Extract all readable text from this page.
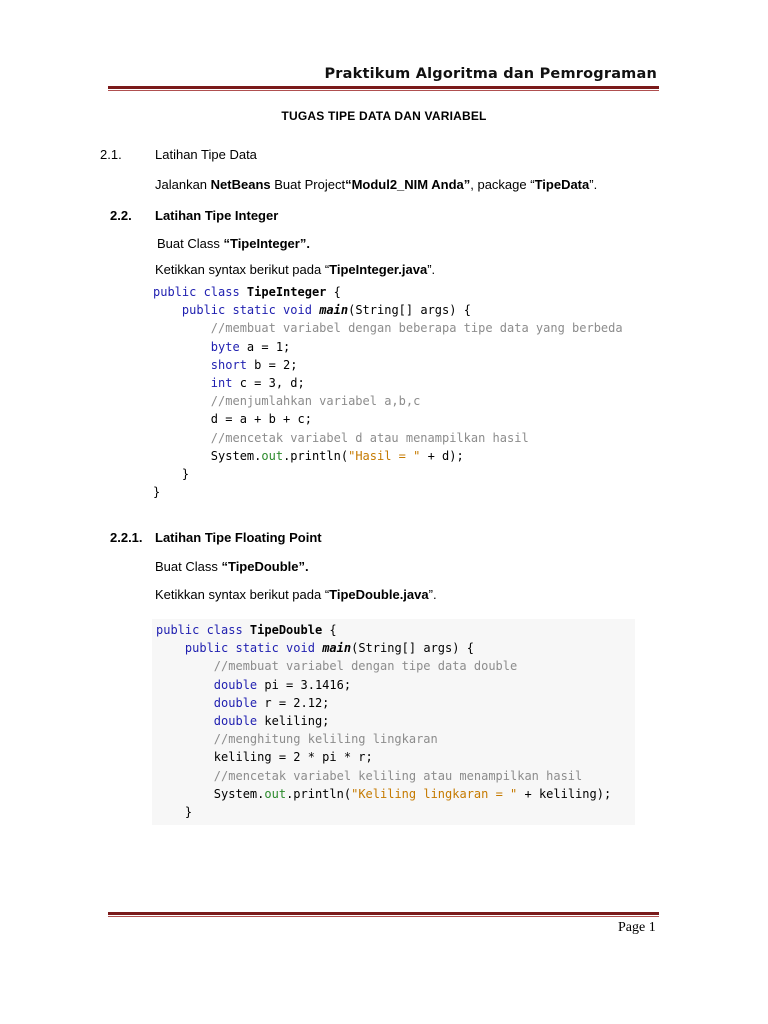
Praktikum Algoritma dan Pemrograman
TUGAS TIPE DATA DAN VARIABEL
2.1.	Latihan Tipe Data
Jalankan NetBeans Buat Project“Modul2_NIM Anda”, package “TipeData”.
2.2. Latihan Tipe Integer
Buat Class “TipeInteger”.
Ketikkan syntax berikut pada “TipeInteger.java”.
public class TipeInteger {
public static void main(String[] args) {
//membuat variabel dengan beberapa tipe data yang berbeda
byte a = 1;
short b = 2;
int c = 3, d;
//menjumlahkan variabel a,b,c
d = a + b + c;
//mencetak variabel d atau menampilkan hasil
System.out.println("Hasil = " + d);
}
}
2.2.1. Latihan Tipe Floating Point
Buat Class “TipeDouble”.
Ketikkan syntax berikut pada “TipeDouble.java”.
public class TipeDouble {
public static void main(String[] args) {
//membuat variabel dengan tipe data double
double pi = 3.1416;
double r = 2.12;
double keliling;
//menghitung keliling lingkaran
keliling = 2 * pi * r;
//mencetak variabel keliling atau menampilkan hasil
System.out.println("Keliling lingkaran = " + keliling);
}
Page 1
